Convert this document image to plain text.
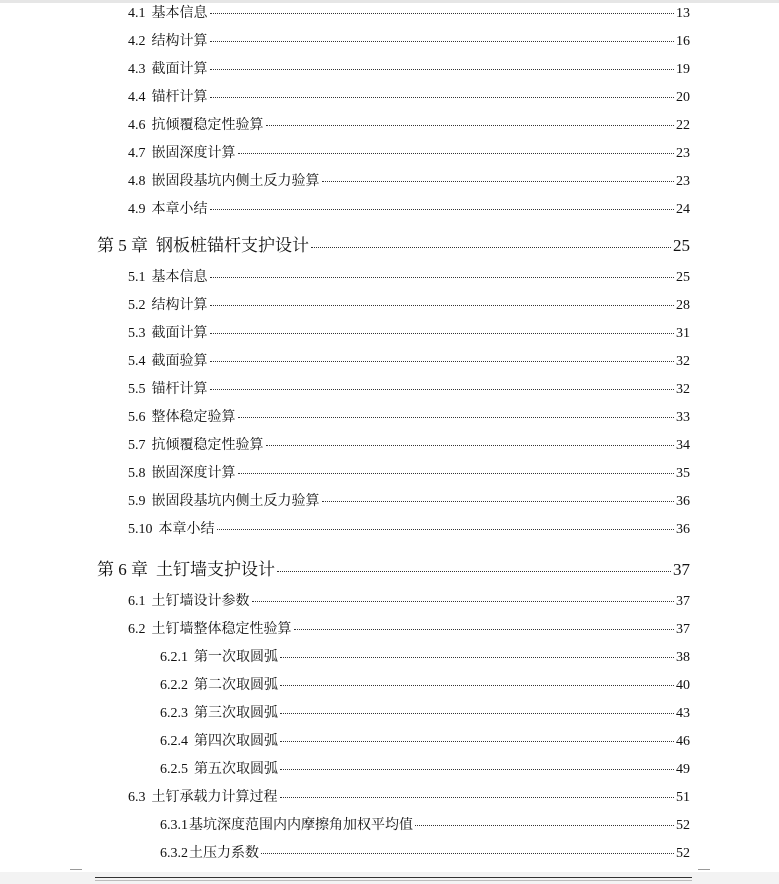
4.1 基本信息	13
4.2 结构计算	16
4.3 截面计算	19
4.4 锚杆计算	20
4.6 抗倾覆稳定性验算	22
4.7 嵌固深度计算	23
4.8 嵌固段基坑内侧土反力验算	23
4.9 本章小结	24
第 5 章 钢板桩锚杆支护设计	25
5.1 基本信息	25
5.2 结构计算	28
5.3 截面计算	31
5.4 截面验算	32
5.5 锚杆计算	32
5.6 整体稳定验算	33
5.7 抗倾覆稳定性验算	34
5.8 嵌固深度计算	35
5.9 嵌固段基坑内侧土反力验算	36
5.10 本章小结	36
第 6 章 土钉墙支护设计	37
6.1 土钉墙设计参数	37
6.2 土钉墙整体稳定性验算	37
6.2.1 第一次取圆弧	38
6.2.2 第二次取圆弧	40
6.2.3 第三次取圆弧	43
6.2.4 第四次取圆弧	46
6.2.5 第五次取圆弧	49
6.3 土钉承载力计算过程	51
6.3.1 基坑深度范围内内摩擦角加权平均值	52
6.3.2 土压力系数	52
